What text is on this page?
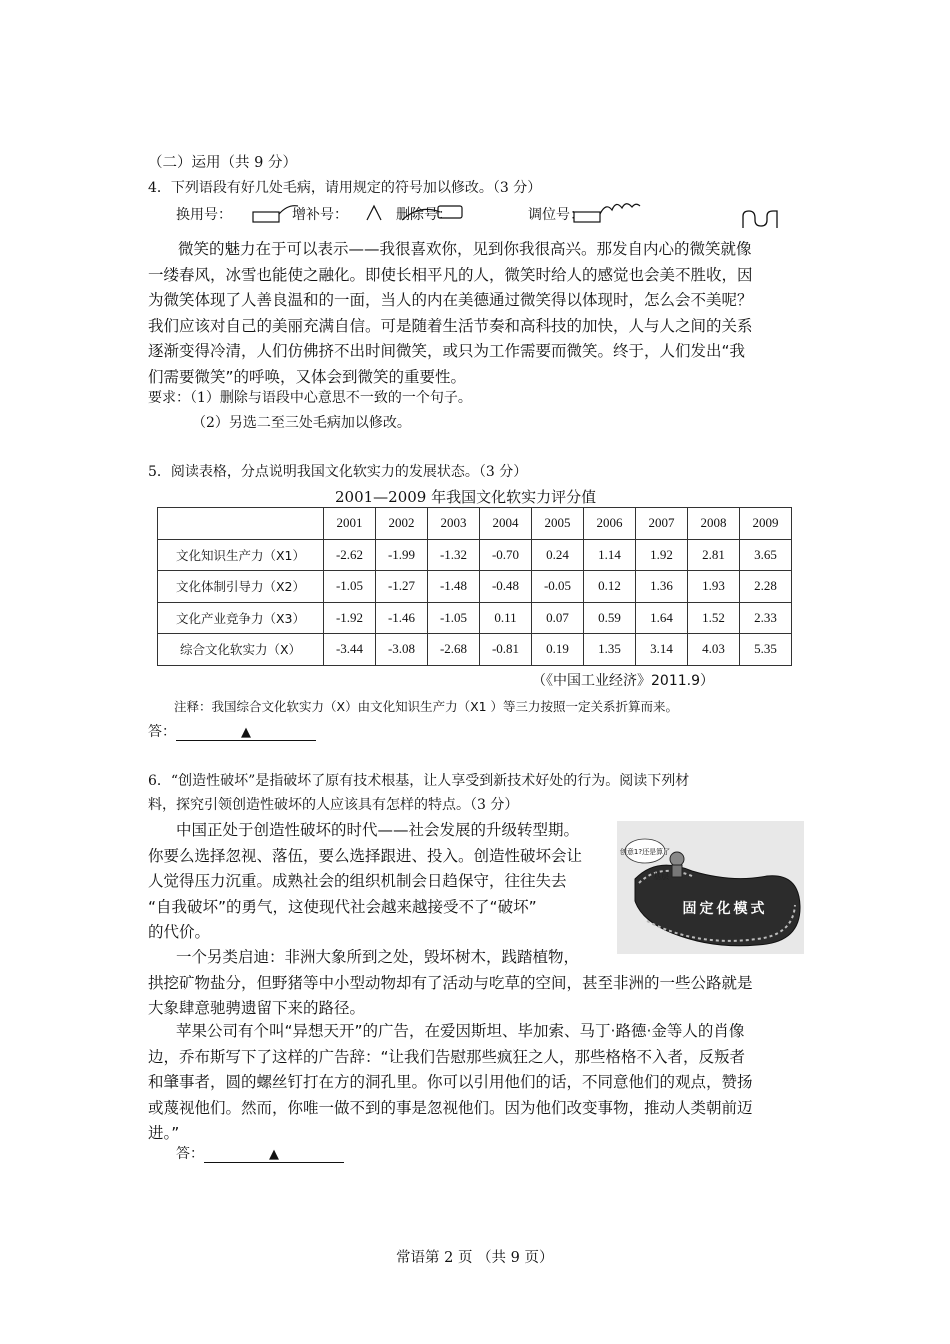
（二）运用（共 9 分）
4．下列语段有好几处毛病，请用规定的符号加以修改。（3 分）
换用号：	增补号：	删除号：	调位号：
微笑的魅力在于可以表示——我很喜欢你，见到你我很高兴。那发自内心的微笑就像
一缕春风，冰雪也能使之融化。即使长相平凡的人，微笑时给人的感觉也会美不胜收，因
为微笑体现了人善良温和的一面，当人的内在美德通过微笑得以体现时，怎么会不美呢？
我们应该对自己的美丽充满自信。可是随着生活节奏和高科技的加快，人与人之间的关系
逐渐变得冷清，人们仿佛挤不出时间微笑，或只为工作需要而微笑。终于，人们发出“我
们需要微笑”的呼唤，又体会到微笑的重要性。
要求：（1）删除与语段中心意思不一致的一个句子。
（2）另选二至三处毛病加以修改。
5．阅读表格，分点说明我国文化软实力的发展状态。（3 分）
2001—2009 年我国文化软实力评分值
	2001	2002	2003	2004	2005	2006	2007	2008	2009
文化知识生产力（X1）	-2.62	-1.99	-1.32	-0.70	0.24	1.14	1.92	2.81	3.65
文化体制引导力（X2）	-1.05	-1.27	-1.48	-0.48	-0.05	0.12	1.36	1.93	2.28
文化产业竞争力（X3）	-1.92	-1.46	-1.05	0.11	0.07	0.59	1.64	1.52	2.33
综合文化软实力（X）	-3.44	-3.08	-2.68	-0.81	0.19	1.35	3.14	4.03	5.35
（《中国工业经济》2011.9）
注释：我国综合文化软实力（X）由文化知识生产力（X1 ）等三力按照一定关系折算而来。
答：	▲
6．“创造性破坏”是指破坏了原有技术根基，让人享受到新技术好处的行为。阅读下列材
料，探究引领创造性破坏的人应该具有怎样的特点。（3 分）
中国正处于创造性破坏的时代——社会发展的升级转型期。
你要么选择忽视、落伍，要么选择跟进、投入。创造性破坏会让
人觉得压力沉重。成熟社会的组织机制会日趋保守，往往失去
“自我破坏”的勇气，这使现代社会越来越接受不了“破坏”
的代价。
创意1?还是算了
基层
固定化模式
一个另类启迪：非洲大象所到之处，毁坏树木，践踏植物，
拱挖矿物盐分，但野猪等中小型动物却有了活动与吃草的空间，甚至非洲的一些公路就是
大象肆意驰骋遗留下来的路径。
苹果公司有个叫“异想天开”的广告，在爱因斯坦、毕加索、马丁·路德·金等人的肖像
边，乔布斯写下了这样的广告辞：“让我们告慰那些疯狂之人，那些格格不入者，反叛者
和肇事者，圆的螺丝钉打在方的洞孔里。你可以引用他们的话，不同意他们的观点，赞扬
或蔑视他们。然而，你唯一做不到的事是忽视他们。因为他们改变事物，推动人类朝前迈
进。”
答：	▲
常语第 2 页 （共 9 页）
